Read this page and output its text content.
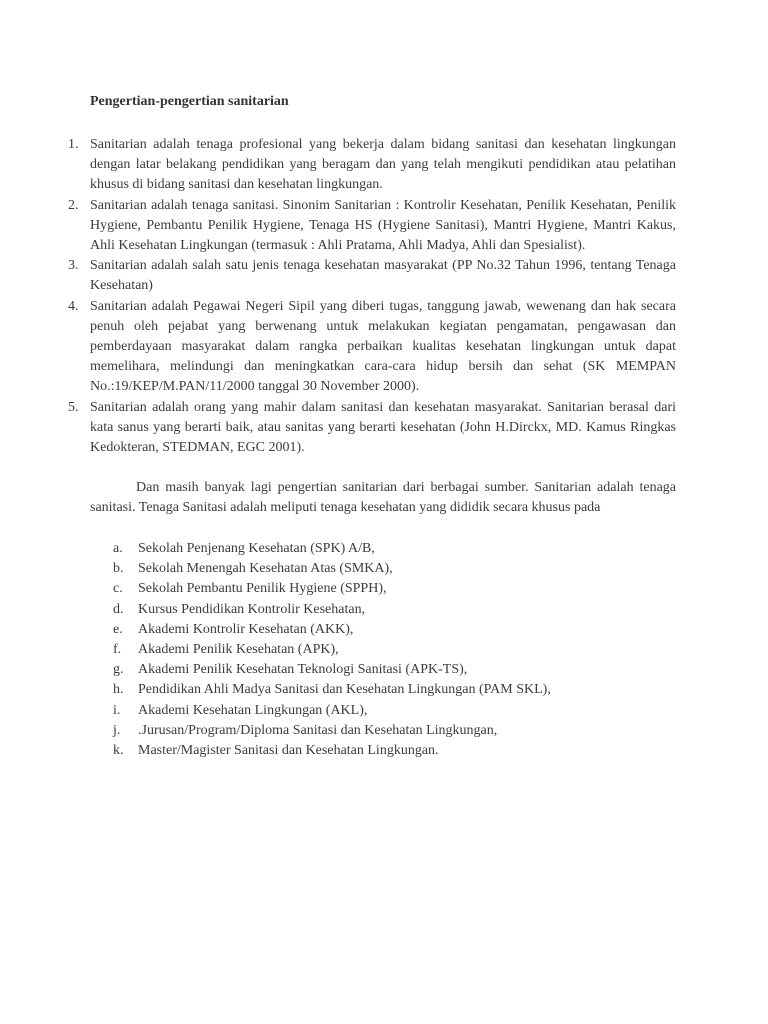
Pengertian-pengertian sanitarian
1. Sanitarian adalah tenaga profesional yang bekerja dalam bidang sanitasi dan kesehatan lingkungan dengan latar belakang pendidikan yang beragam dan yang telah mengikuti pendidikan atau pelatihan khusus di bidang sanitasi dan kesehatan lingkungan.
2. Sanitarian adalah tenaga sanitasi. Sinonim Sanitarian : Kontrolir Kesehatan, Penilik Kesehatan, Penilik Hygiene, Pembantu Penilik Hygiene, Tenaga HS (Hygiene Sanitasi), Mantri Hygiene, Mantri Kakus, Ahli Kesehatan Lingkungan (termasuk : Ahli Pratama, Ahli Madya, Ahli dan Spesialist).
3. Sanitarian adalah salah satu jenis tenaga kesehatan masyarakat (PP No.32 Tahun 1996, tentang Tenaga Kesehatan)
4. Sanitarian adalah Pegawai Negeri Sipil yang diberi tugas, tanggung jawab, wewenang dan hak secara penuh oleh pejabat yang berwenang untuk melakukan kegiatan pengamatan, pengawasan dan pemberdayaan masyarakat dalam rangka perbaikan kualitas kesehatan lingkungan untuk dapat memelihara, melindungi dan meningkatkan cara-cara hidup bersih dan sehat (SK MEMPAN No.:19/KEP/M.PAN/11/2000 tanggal 30 November 2000).
5. Sanitarian adalah orang yang mahir dalam sanitasi dan kesehatan masyarakat. Sanitarian berasal dari kata sanus yang berarti baik, atau sanitas yang berarti kesehatan (John H.Dirckx, MD. Kamus Ringkas Kedokteran, STEDMAN, EGC 2001).

Dan masih banyak lagi pengertian sanitarian dari berbagai sumber. Sanitarian adalah tenaga sanitasi. Tenaga Sanitasi adalah meliputi tenaga kesehatan yang dididik secara khusus pada

a. Sekolah Penjenang Kesehatan (SPK) A/B,
b. Sekolah Menengah Kesehatan Atas (SMKA),
c. Sekolah Pembantu Penilik Hygiene (SPPH),
d. Kursus Pendidikan Kontrolir Kesehatan,
e. Akademi Kontrolir Kesehatan (AKK),
f. Akademi Penilik Kesehatan (APK),
g. Akademi Penilik Kesehatan Teknologi Sanitasi (APK-TS),
h. Pendidikan Ahli Madya Sanitasi dan Kesehatan Lingkungan (PAM SKL),
i. Akademi Kesehatan Lingkungan (AKL),
j. .Jurusan/Program/Diploma Sanitasi dan Kesehatan Lingkungan,
k. Master/Magister Sanitasi dan Kesehatan Lingkungan.
